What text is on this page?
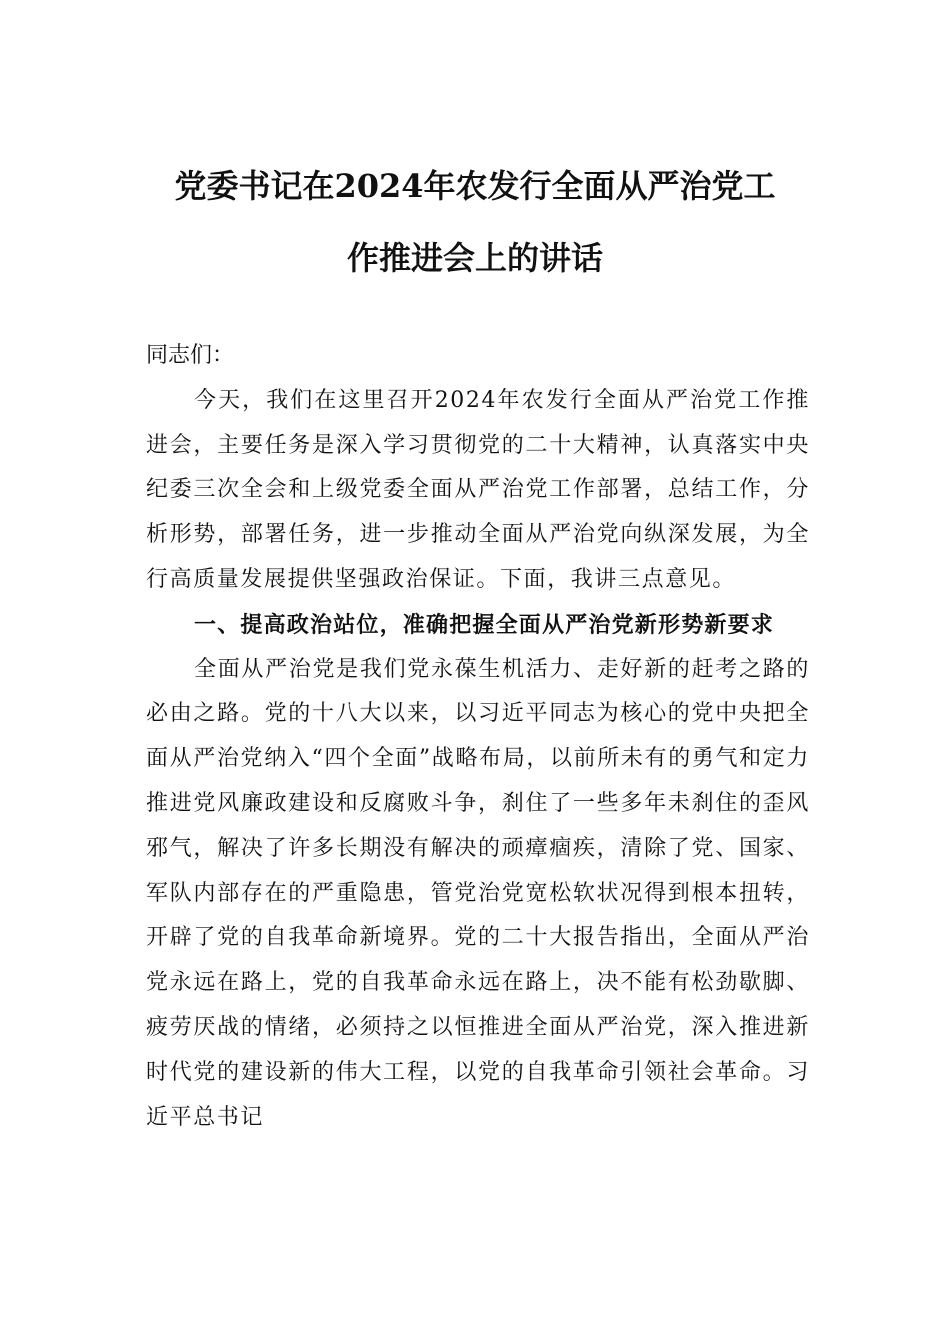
党委书记在2024年农发行全面从严治党工
作推进会上的讲话

同志们：

今天，我们在这里召开2024年农发行全面从严治党工作推进会，主要任务是深入学习贯彻党的二十大精神，认真落实中央纪委三次全会和上级党委全面从严治党工作部署，总结工作，分析形势，部署任务，进一步推动全面从严治党向纵深发展，为全行高质量发展提供坚强政治保证。下面，我讲三点意见。

一、提高政治站位，准确把握全面从严治党新形势新要求

全面从严治党是我们党永葆生机活力、走好新的赶考之路的必由之路。党的十八大以来，以习近平同志为核心的党中央把全面从严治党纳入“四个全面”战略布局，以前所未有的勇气和定力推进党风廉政建设和反腐败斗争，刹住了一些多年未刹住的歪风邪气，解决了许多长期没有解决的顽瘴痼疾，清除了党、国家、军队内部存在的严重隐患，管党治党宽松软状况得到根本扭转，开辟了党的自我革命新境界。党的二十大报告指出，全面从严治党永远在路上，党的自我革命永远在路上，决不能有松劲歇脚、疲劳厌战的情绪，必须持之以恒推进全面从严治党，深入推进新时代党的建设新的伟大工程，以党的自我革命引领社会革命。习近平总书记
